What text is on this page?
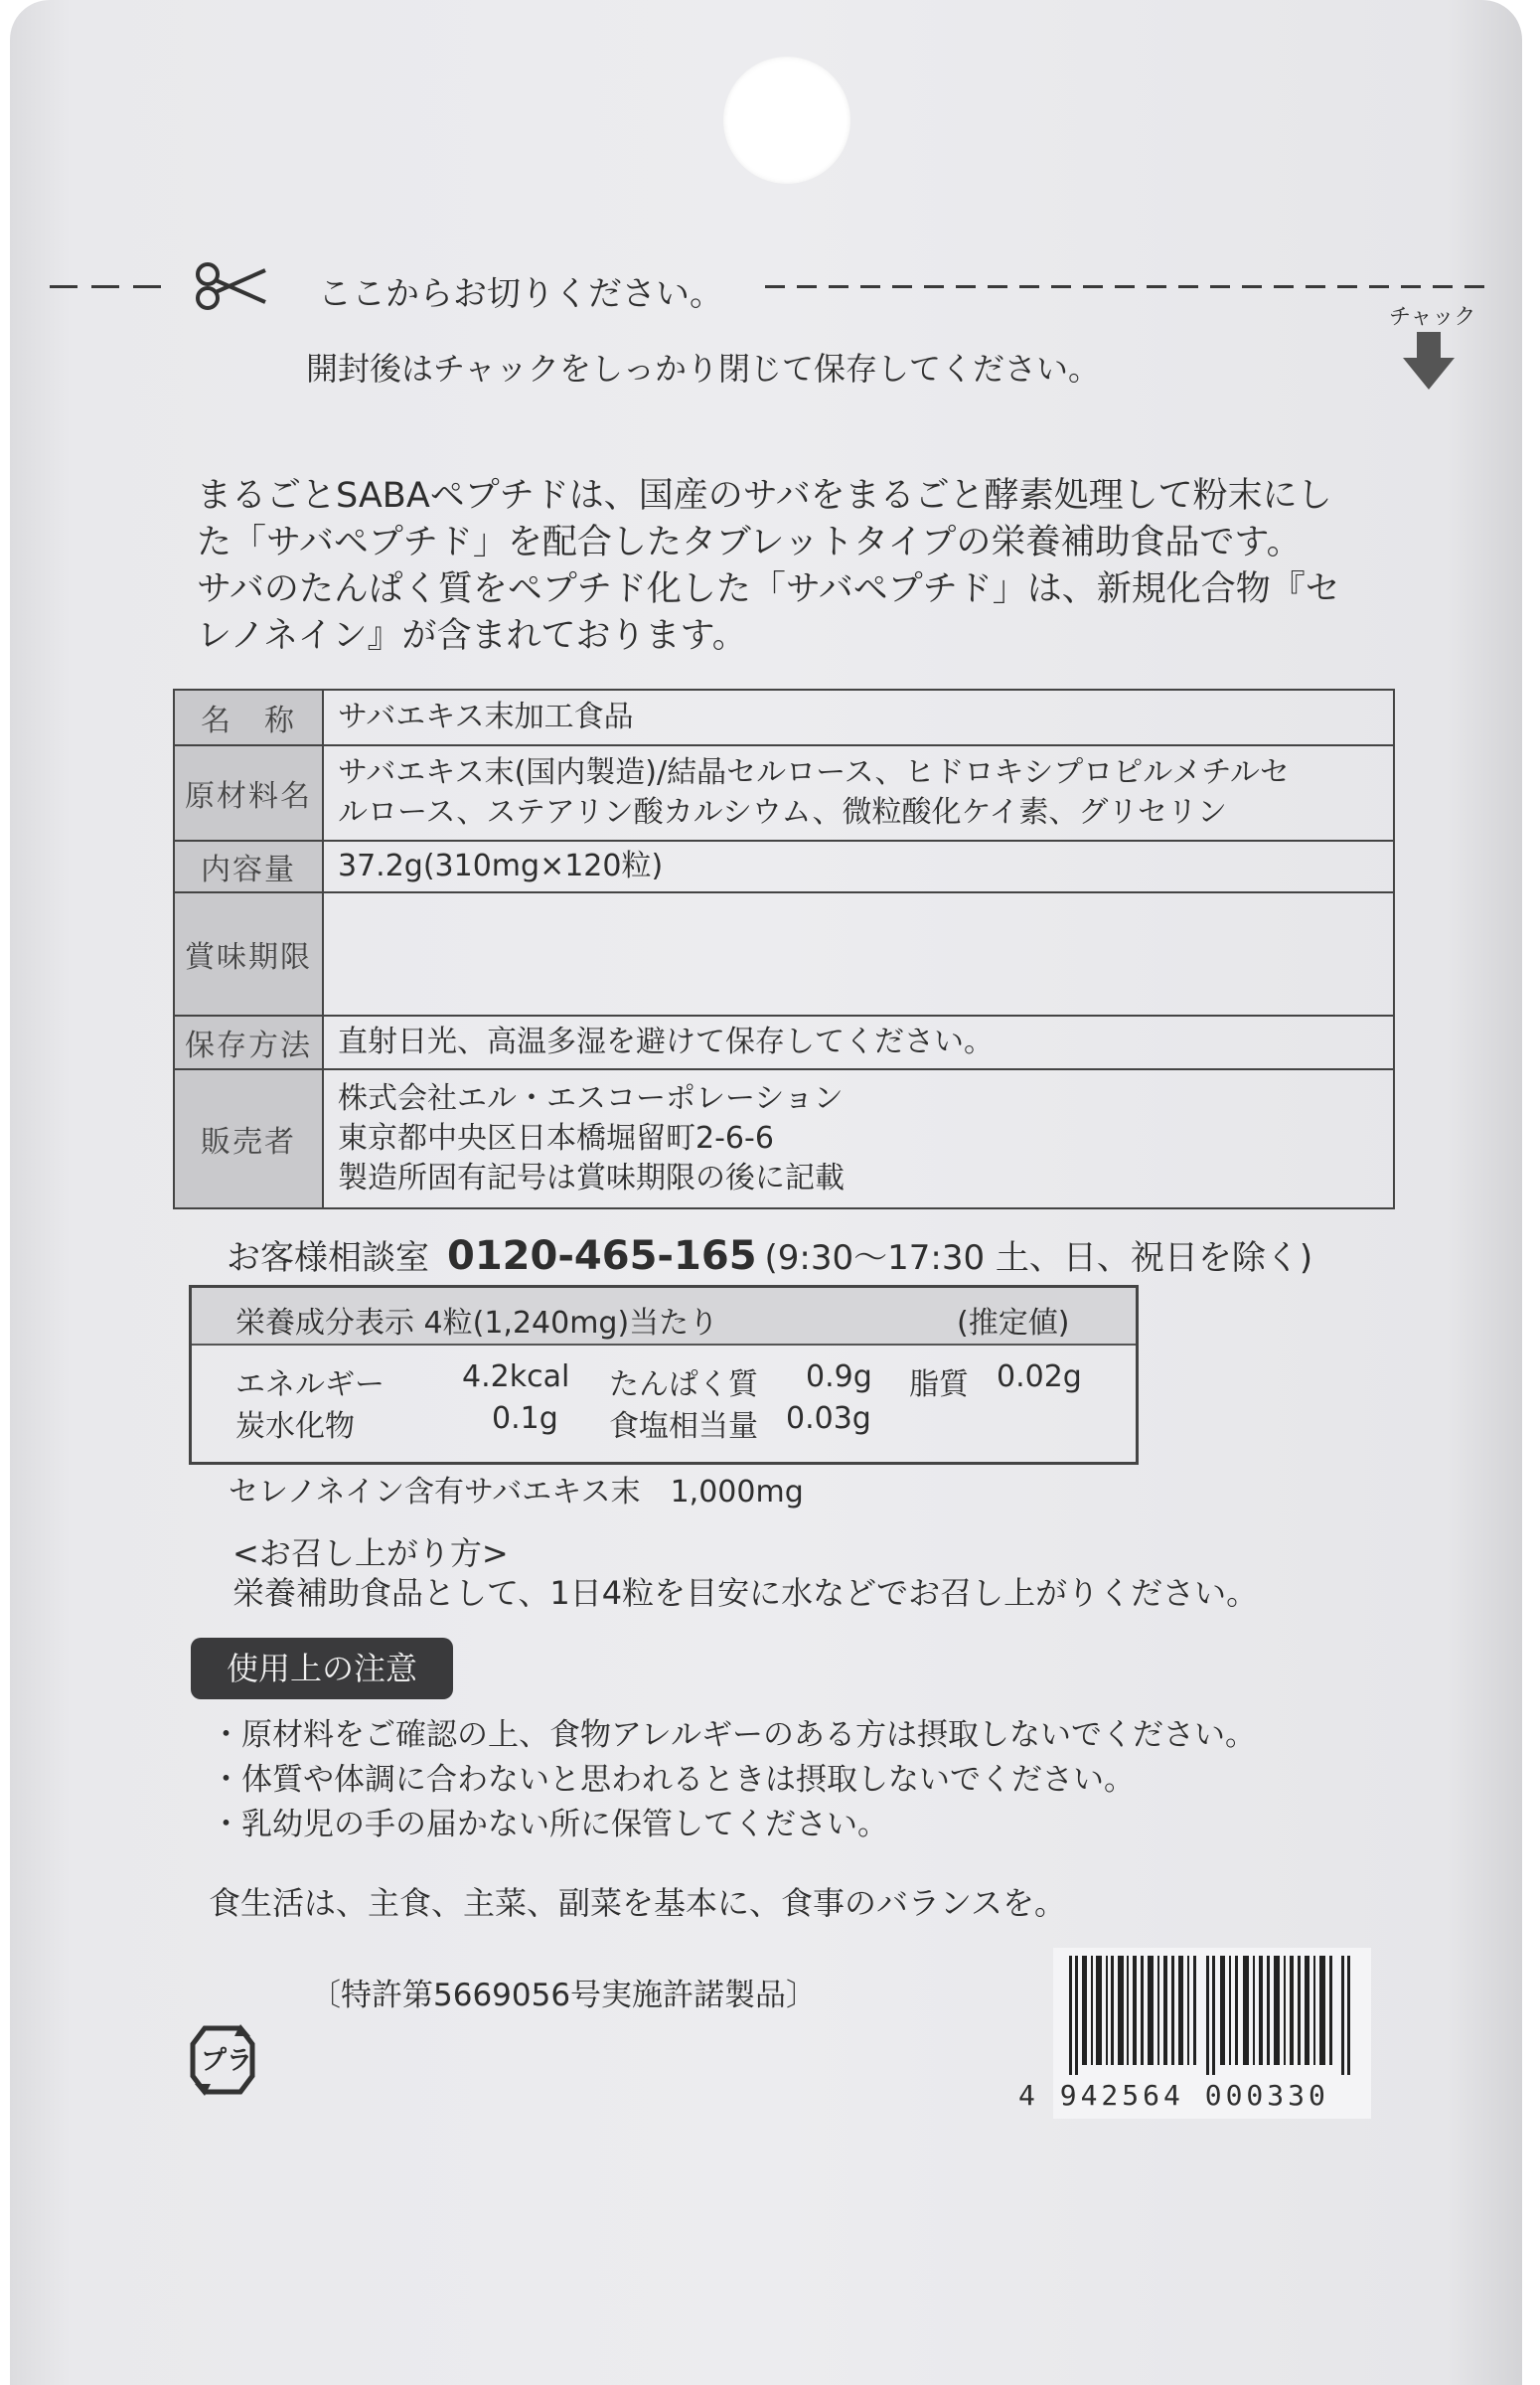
ここからお切りください。
チャック
開封後はチャックをしっかり閉じて保存してください。
まるごとSABAペプチドは、国産のサバをまるごと酵素処理して粉末にし
た「サバペプチド」を配合したタブレットタイプの栄養補助食品です。
サバのたんぱく質をペプチド化した「サバペプチド」は、新規化合物『セ
レノネイン』が含まれております。
名　称	サバエキス末加工食品
原材料名	サバエキス末(国内製造)/結晶セルロース、ヒドロキシプロピルメチルセ
ルロース、ステアリン酸カルシウム、微粒酸化ケイ素、グリセリン

内容量	37.2g(310mg×120粒)
賞味期限	
保存方法	直射日光、高温多湿を避けて保存してください。
販売者	株式会社エル・エスコーポレーション
東京都中央区日本橋堀留町2-6-6
製造所固有記号は賞味期限の後に記載
お客様相談室 0120-465-165 (9:30〜17:30 土、日、祝日を除く)
栄養成分表示 4粒(1,240mg)当たり	(推定値)
エネルギー	4.2kcal たんぱく質 0.9g 脂質 0.02g
炭水化物	0.1g 食塩相当量 0.03g
セレノネイン含有サバエキス末　1,000mg
<お召し上がり方>
栄養補助食品として、1日4粒を目安に水などでお召し上がりください。
使用上の注意
・原材料をご確認の上、食物アレルギーのある方は摂取しないでください。
・体質や体調に合わないと思われるときは摂取しないでください。
・乳幼児の手の届かない所に保管してください。
食生活は、主食、主菜、副菜を基本に、食事のバランスを。
〔特許第5669056号実施許諾製品〕
プラ
4 942564 000330
